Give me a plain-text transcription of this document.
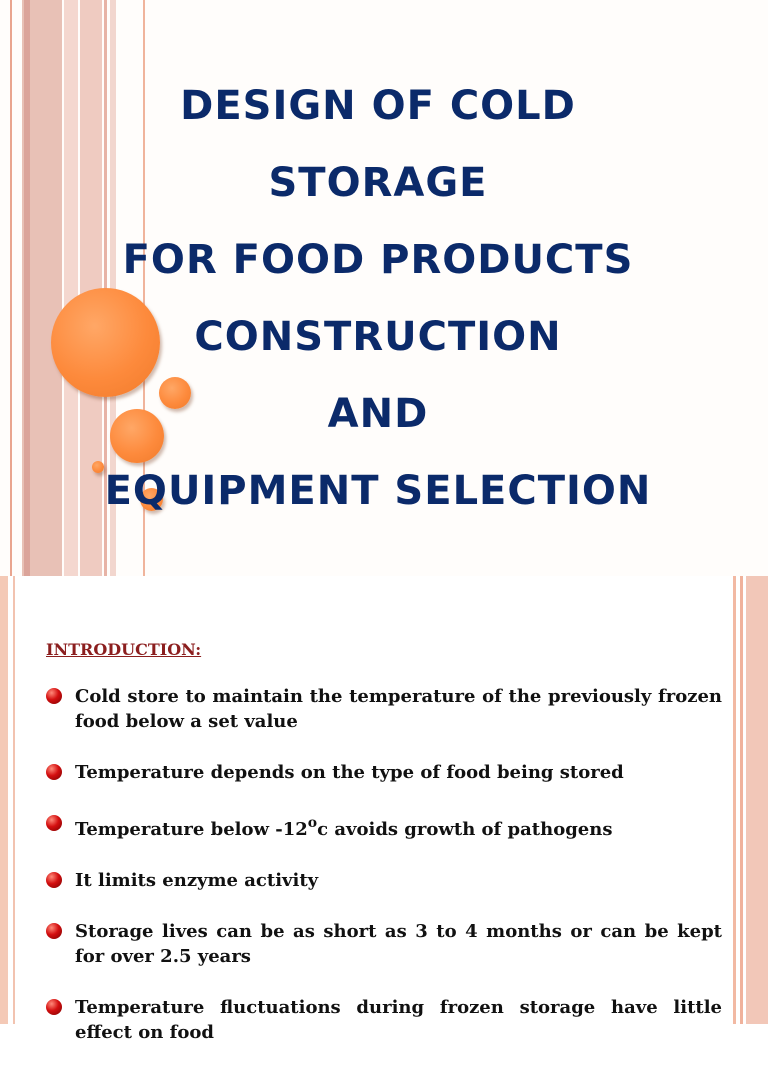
DESIGN OF COLD
STORAGE
FOR FOOD PRODUCTS
CONSTRUCTION
AND
EQUIPMENT SELECTION
INTRODUCTION:
Cold store to maintain the temperature of the previously frozen food below a set value
Temperature depends on the type of food being stored
Temperature below -12$^o$c avoids growth of pathogens
It limits enzyme activity
Storage lives can be as short as 3 to 4 months or can be kept for over 2.5 years
Temperature fluctuations during frozen storage have little effect on food
